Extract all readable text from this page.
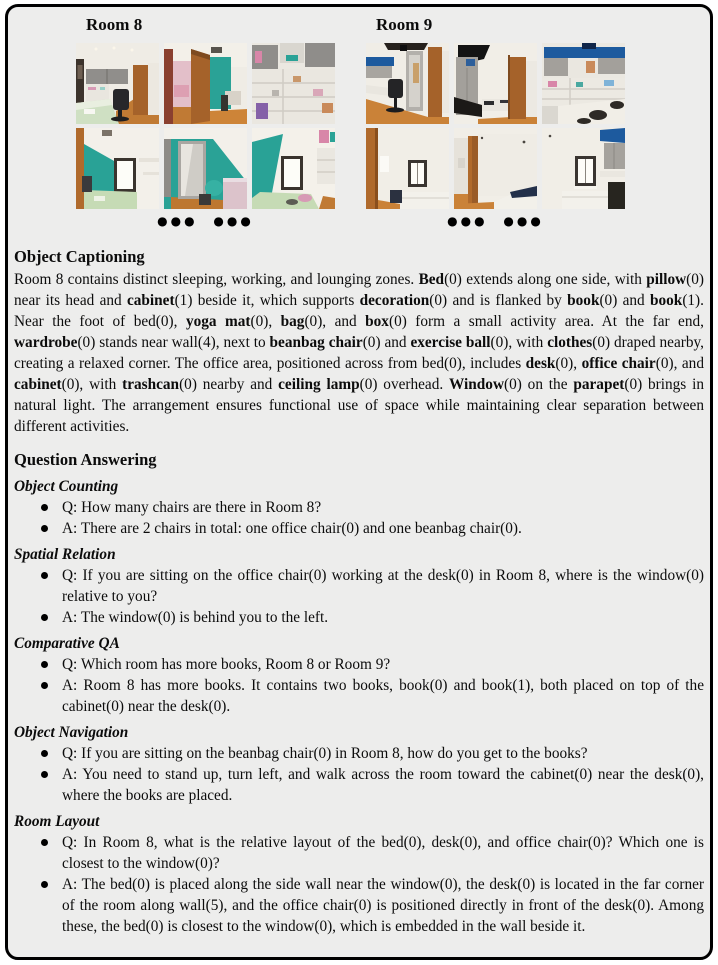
Room 8
●●● ●●●
Room 9
●●● ●●●
Object Captioning

Room 8 contains distinct sleeping, working, and lounging zones. Bed(0) extends along one side, with pillow(0) near its head and cabinet(1) beside it, which supports decoration(0) and is flanked by book(0) and book(1). Near the foot of bed(0), yoga mat(0), bag(0), and box(0) form a small activity area. At the far end, wardrobe(0) stands near wall(4), next to beanbag chair(0) and exercise ball(0), with clothes(0) draped nearby, creating a relaxed corner. The office area, positioned across from bed(0), includes desk(0), office chair(0), and cabinet(0), with trashcan(0) nearby and ceiling lamp(0) overhead. Window(0) on the parapet(0) brings in natural light. The arrangement ensures functional use of space while maintaining clear separation between different activities.

Question Answering
Object Counting
Q: How many chairs are there in Room 8?
A: There are 2 chairs in total: one office chair(0) and one beanbag chair(0).
Spatial Relation
Q: If you are sitting on the office chair(0) working at the desk(0) in Room 8, where is the window(0) relative to you?
A: The window(0) is behind you to the left.
Comparative QA
Q: Which room has more books, Room 8 or Room 9?
A: Room 8 has more books. It contains two books, book(0) and book(1), both placed on top of the cabinet(0) near the desk(0).
Object Navigation
Q: If you are sitting on the beanbag chair(0) in Room 8, how do you get to the books?
A: You need to stand up, turn left, and walk across the room toward the cabinet(0) near the desk(0), where the books are placed.
Room Layout
Q: In Room 8, what is the relative layout of the bed(0), desk(0), and office chair(0)? Which one is closest to the window(0)?
A: The bed(0) is placed along the side wall near the window(0), the desk(0) is located in the far corner of the room along wall(5), and the office chair(0) is positioned directly in front of the desk(0). Among these, the bed(0) is closest to the window(0), which is embedded in the wall beside it.
